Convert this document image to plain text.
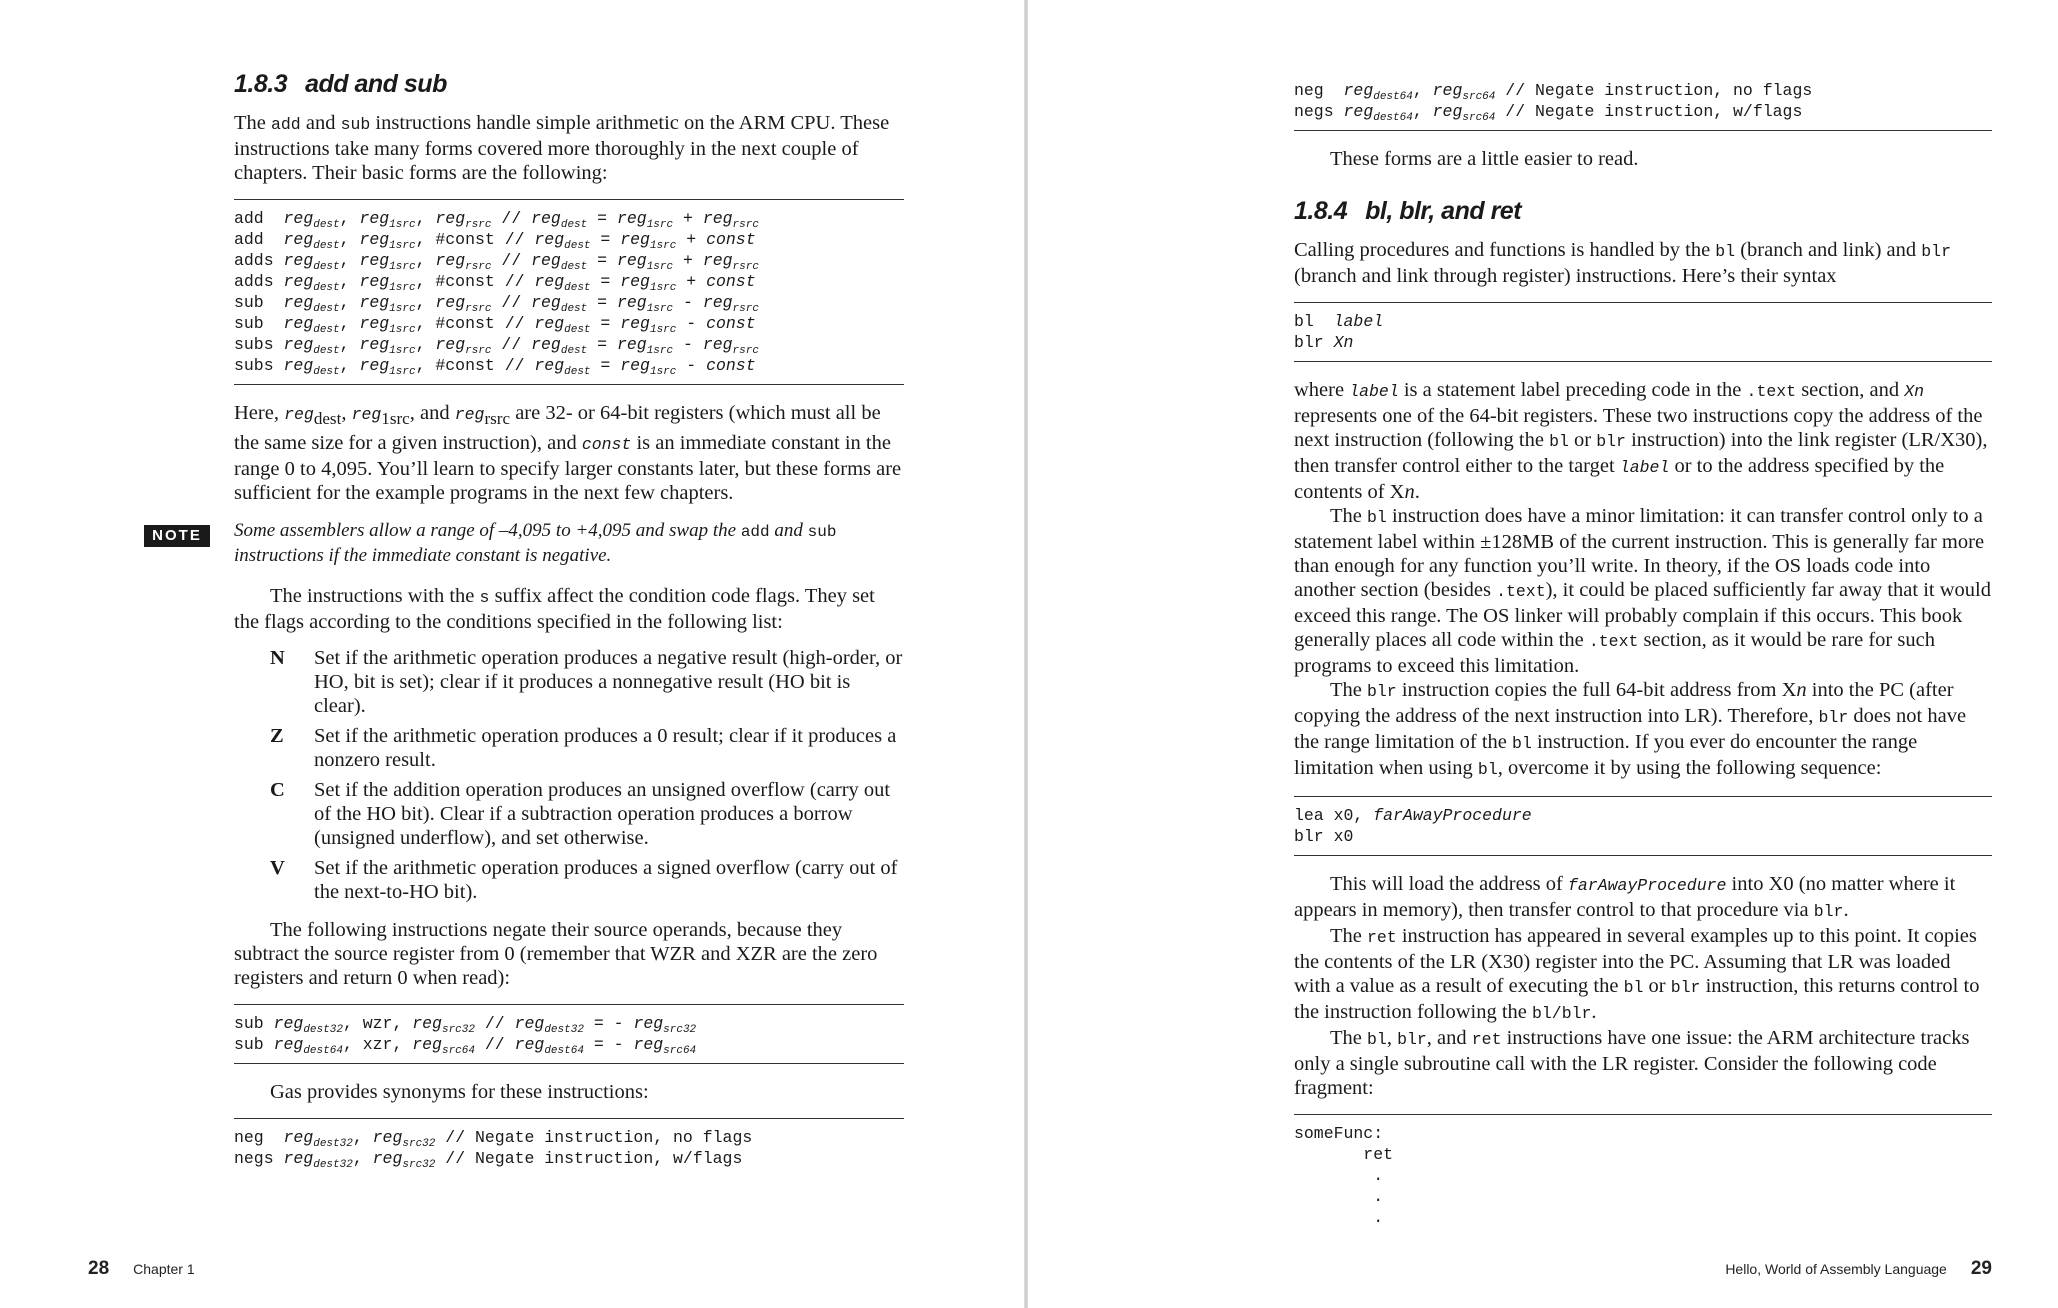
1.8.3 add and sub

The add and sub instructions handle simple arithmetic on the ARM CPU. These instructions take many forms covered more thoroughly in the next couple of chapters. Their basic forms are the following:

add  reg$_{dest}$, reg$_{1src}$, reg$_{rsrc}$ // reg$_{dest}$ = reg$_{1src}$ + reg$_{rsrc}$
add  reg$_{dest}$, reg$_{1src}$, #const // reg$_{dest}$ = reg$_{1src}$ + const
adds reg$_{dest}$, reg$_{1src}$, reg$_{rsrc}$ // reg$_{dest}$ = reg$_{1src}$ + reg$_{rsrc}$
adds reg$_{dest}$, reg$_{1src}$, #const // reg$_{dest}$ = reg$_{1src}$ + const
sub  reg$_{dest}$, reg$_{1src}$, reg$_{rsrc}$ // reg$_{dest}$ = reg$_{1src}$ - reg$_{rsrc}$
sub  reg$_{dest}$, reg$_{1src}$, #const // reg$_{dest}$ = reg$_{1src}$ - const
subs reg$_{dest}$, reg$_{1src}$, reg$_{rsrc}$ // reg$_{dest}$ = reg$_{1src}$ - reg$_{rsrc}$
subs reg$_{dest}$, reg$_{1src}$, #const // reg$_{dest}$ = reg$_{1src}$ - const

Here, reg$_{dest}$, reg$_{1src}$, and reg$_{rsrc}$ are 32- or 64-bit registers (which must all be the same size for a given instruction), and const is an immediate constant in the range 0 to 4,095. You’ll learn to specify larger constants later, but these forms are sufficient for the example programs in the next few chapters.

NOTE	Some assemblers allow a range of –4,095 to +4,095 and swap the add and sub instructions if the immediate constant is negative.

The instructions with the s suffix affect the condition code flags. They set the flags according to the conditions specified in the following list:

N	Set if the arithmetic operation produces a negative result (high-order, or HO, bit is set); clear if it produces a nonnegative result (HO bit is clear).
Z	Set if the arithmetic operation produces a 0 result; clear if it produces a nonzero result.
C	Set if the addition operation produces an unsigned overflow (carry out of the HO bit). Clear if a subtraction operation produces a borrow (unsigned underflow), and set otherwise.
V	Set if the arithmetic operation produces a signed overflow (carry out of the next-to-HO bit).

The following instructions negate their source operands, because they subtract the source register from 0 (remember that WZR and XZR are the zero registers and return 0 when read):

sub reg$_{dest32}$, wzr, reg$_{src32}$ // reg$_{dest32}$ = - reg$_{src32}$
sub reg$_{dest64}$, xzr, reg$_{src64}$ // reg$_{dest64}$ = - reg$_{src64}$

Gas provides synonyms for these instructions:

neg  reg$_{dest32}$, reg$_{src32}$ // Negate instruction, no flags
negs reg$_{dest32}$, reg$_{src32}$ // Negate instruction, w/flags
28 Chapter 1
neg  reg$_{dest64}$, reg$_{src64}$ // Negate instruction, no flags
negs reg$_{dest64}$, reg$_{src64}$ // Negate instruction, w/flags

These forms are a little easier to read.

1.8.4 bl, blr, and ret

Calling procedures and functions is handled by the bl (branch and link) and blr (branch and link through register) instructions. Here’s their syntax

bl  label
blr Xn

where label is a statement label preceding code in the .text section, and Xn represents one of the 64-bit registers. These two instructions copy the address of the next instruction (following the bl or blr instruction) into the link register (LR/X30), then transfer control either to the target label or to the address specified by the contents of Xn.

The bl instruction does have a minor limitation: it can transfer control only to a statement label within ±128MB of the current instruction. This is generally far more than enough for any function you’ll write. In theory, if the OS loads code into another section (besides .text), it could be placed sufficiently far away that it would exceed this range. The OS linker will probably complain if this occurs. This book generally places all code within the .text section, as it would be rare for such programs to exceed this limitation.

The blr instruction copies the full 64-bit address from Xn into the PC (after copying the address of the next instruction into LR). Therefore, blr does not have the range limitation of the bl instruction. If you ever do encounter the range limitation when using bl, overcome it by using the following sequence:

lea x0, farAwayProcedure
blr x0

This will load the address of farAwayProcedure into X0 (no matter where it appears in memory), then transfer control to that procedure via blr.

The ret instruction has appeared in several examples up to this point. It copies the contents of the LR (X30) register into the PC. Assuming that LR was loaded with a value as a result of executing the bl or blr instruction, this returns control to the instruction following the bl/blr.

The bl, blr, and ret instructions have one issue: the ARM architecture tracks only a single subroutine call with the LR register. Consider the following code fragment:

someFunc:
ret
.
.
.
Hello, World of Assembly Language 29
